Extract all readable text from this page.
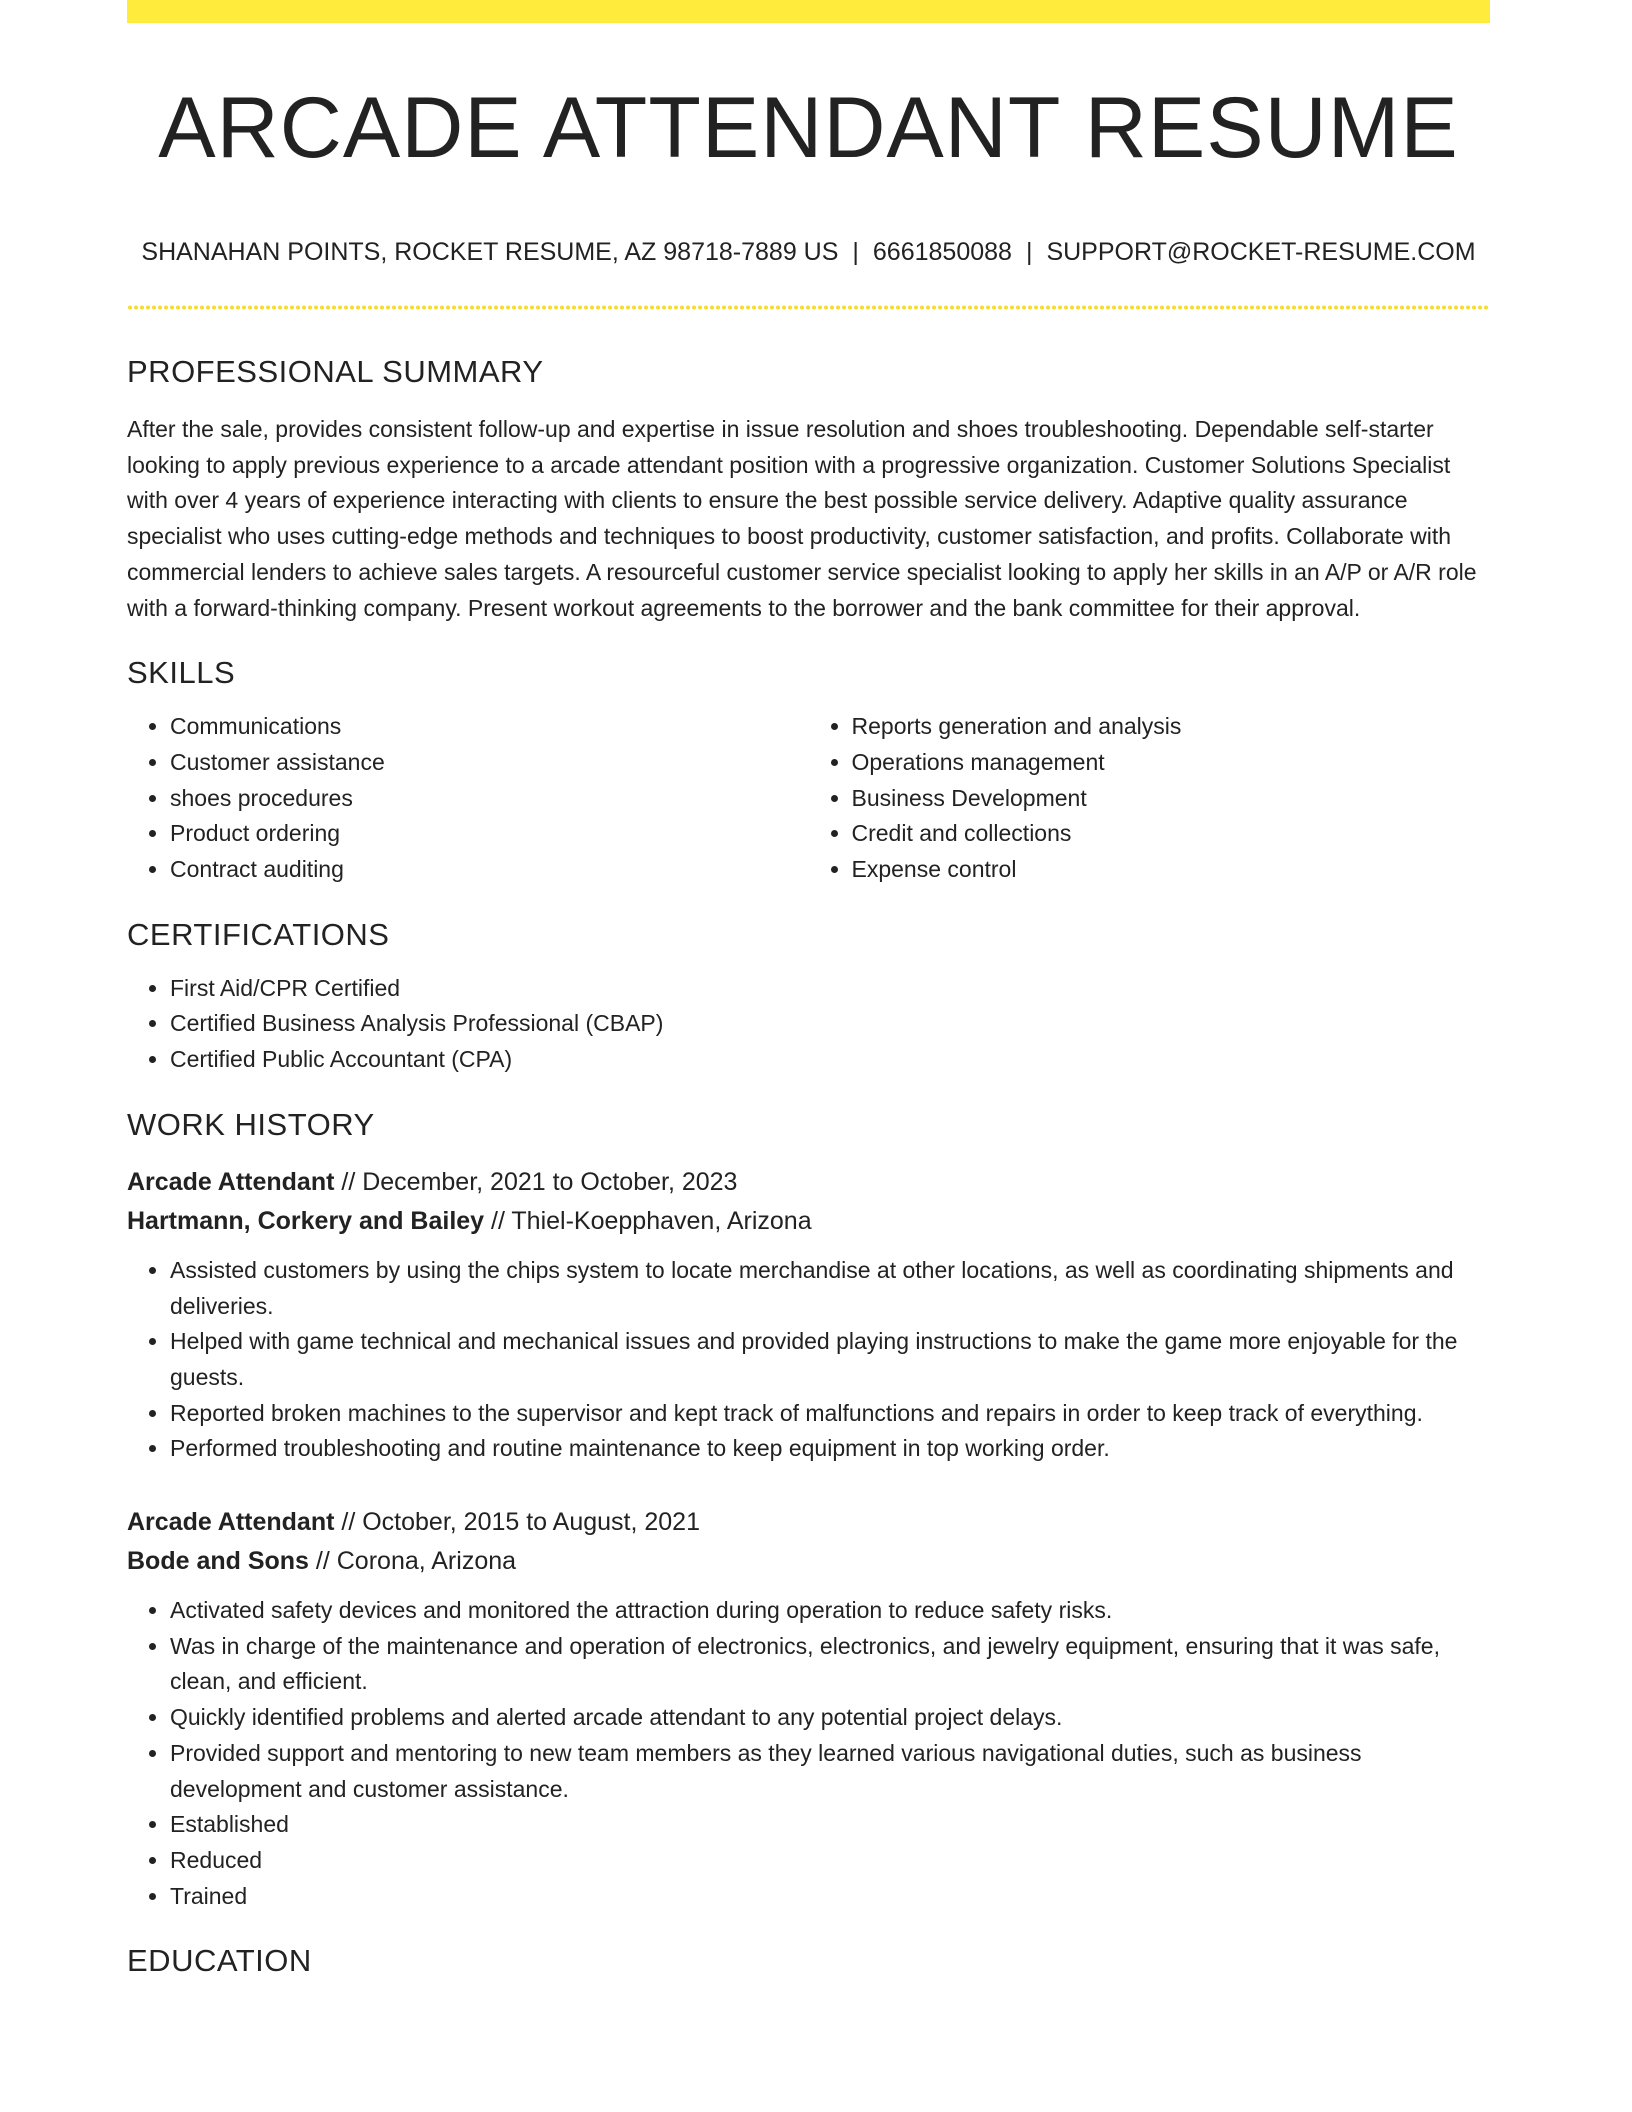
ARCADE ATTENDANT RESUME
SHANAHAN POINTS, ROCKET RESUME, AZ 98718-7889 US | 6661850088 | SUPPORT@ROCKET-RESUME.COM
PROFESSIONAL SUMMARY

After the sale, provides consistent follow-up and expertise in issue resolution and shoes troubleshooting. Dependable self-starter looking to apply previous experience to a arcade attendant position with a progressive organization. Customer Solutions Specialist with over 4 years of experience interacting with clients to ensure the best possible service delivery. Adaptive quality assurance specialist who uses cutting-edge methods and techniques to boost productivity, customer satisfaction, and profits. Collaborate with commercial lenders to achieve sales targets. A resourceful customer service specialist looking to apply her skills in an A/P or A/R role with a forward-thinking company. Present workout agreements to the borrower and the bank committee for their approval.

SKILLS
• Communications
• Customer assistance
• shoes procedures
• Product ordering
• Contract auditing
• Reports generation and analysis
• Operations management
• Business Development
• Credit and collections
• Expense control
CERTIFICATIONS
• First Aid/CPR Certified
• Certified Business Analysis Professional (CBAP)
• Certified Public Accountant (CPA)
WORK HISTORY
Arcade Attendant // December, 2021 to October, 2023
Hartmann, Corkery and Bailey // Thiel-Koepphaven, Arizona
• Assisted customers by using the chips system to locate merchandise at other locations, as well as coordinating shipments and deliveries.
• Helped with game technical and mechanical issues and provided playing instructions to make the game more enjoyable for the guests.
• Reported broken machines to the supervisor and kept track of malfunctions and repairs in order to keep track of everything.
• Performed troubleshooting and routine maintenance to keep equipment in top working order.
Arcade Attendant // October, 2015 to August, 2021
Bode and Sons // Corona, Arizona
• Activated safety devices and monitored the attraction during operation to reduce safety risks.
• Was in charge of the maintenance and operation of electronics, electronics, and jewelry equipment, ensuring that it was safe, clean, and efficient.
• Quickly identified problems and alerted arcade attendant to any potential project delays.
• Provided support and mentoring to new team members as they learned various navigational duties, such as business development and customer assistance.
• Established
• Reduced
• Trained
EDUCATION
